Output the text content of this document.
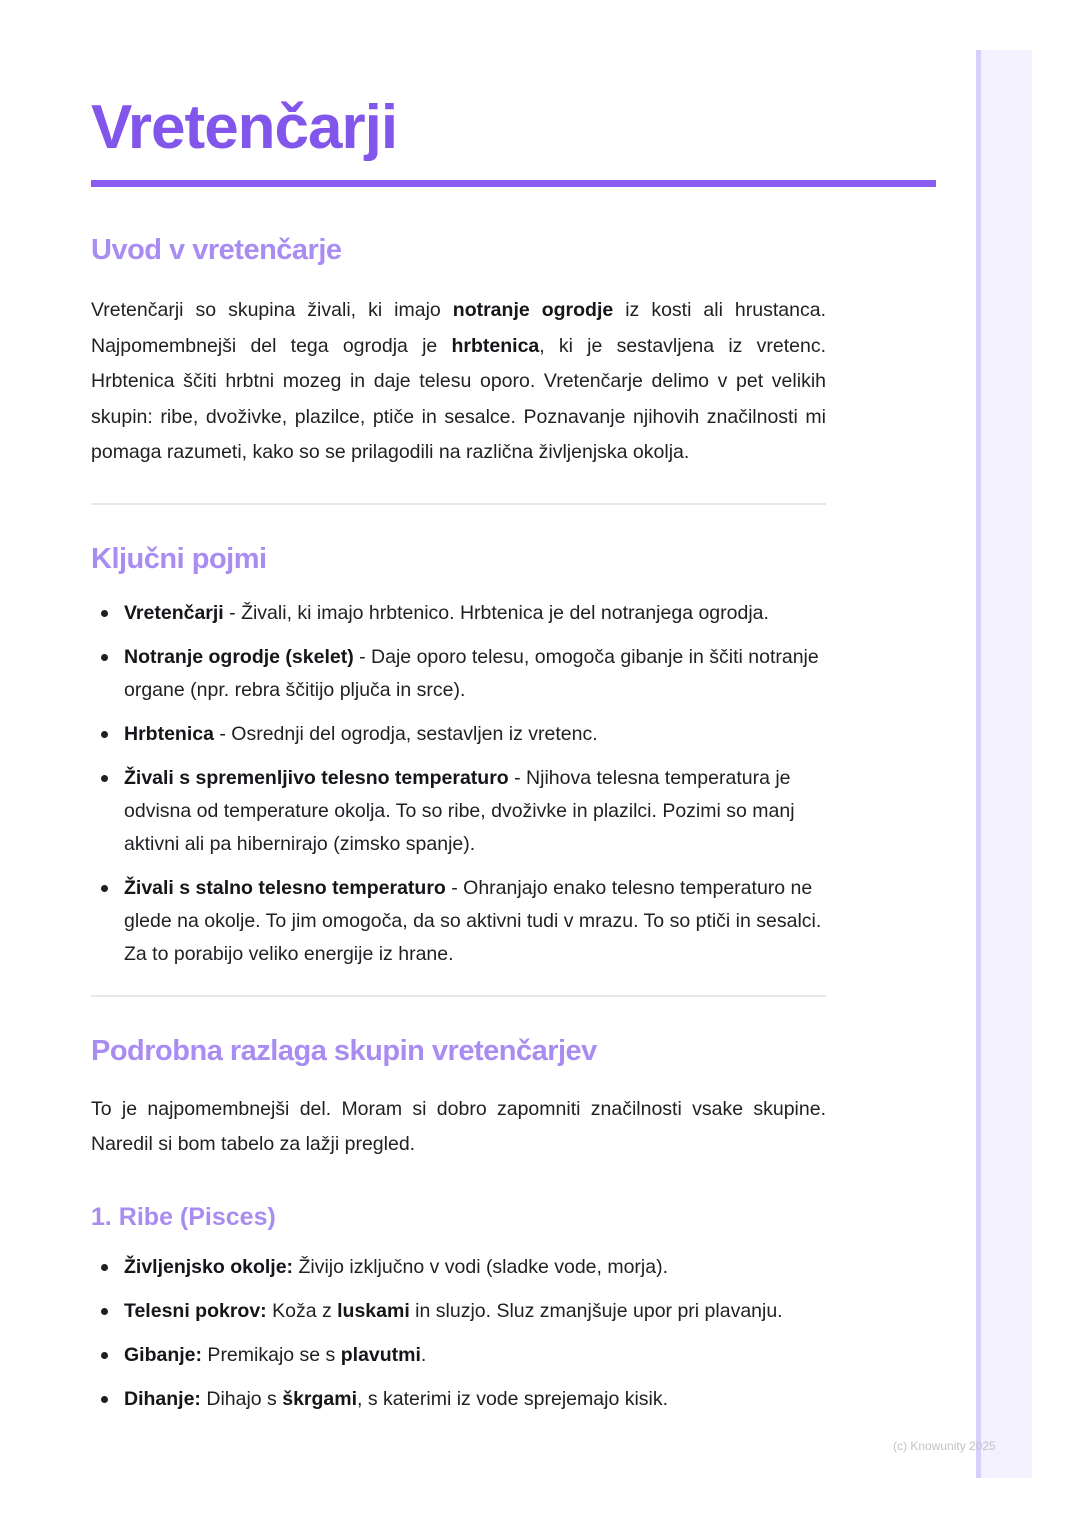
Vretenčarji
Uvod v vretenčarje

Vretenčarji so skupina živali, ki imajo notranje ogrodje iz kosti ali hrustanca. Najpomembnejši del tega ogrodja je hrbtenica, ki je sestavljena iz vretenc. Hrbtenica ščiti hrbtni mozeg in daje telesu oporo. Vretenčarje delimo v pet velikih skupin: ribe, dvoživke, plazilce, ptiče in sesalce. Poznavanje njihovih značilnosti mi pomaga razumeti, kako so se prilagodili na različna življenjska okolja.

Ključni pojmi
Vretenčarji - Živali, ki imajo hrbtenico. Hrbtenica je del notranjega ogrodja.
Notranje ogrodje (skelet) - Daje oporo telesu, omogoča gibanje in ščiti notranje organe (npr. rebra ščitijo pljuča in srce).
Hrbtenica - Osrednji del ogrodja, sestavljen iz vretenc.
Živali s spremenljivo telesno temperaturo - Njihova telesna temperatura je odvisna od temperature okolja. To so ribe, dvoživke in plazilci. Pozimi so manj aktivni ali pa hibernirajo (zimsko spanje).
Živali s stalno telesno temperaturo - Ohranjajo enako telesno temperaturo ne glede na okolje. To jim omogoča, da so aktivni tudi v mrazu. To so ptiči in sesalci. Za to porabijo veliko energije iz hrane.
Podrobna razlaga skupin vretenčarjev

To je najpomembnejši del. Moram si dobro zapomniti značilnosti vsake skupine. Naredil si bom tabelo za lažji pregled.

1. Ribe (Pisces)
Življenjsko okolje: Živijo izključno v vodi (sladke vode, morja).
Telesni pokrov: Koža z luskami in sluzjo. Sluz zmanjšuje upor pri plavanju.
Gibanje: Premikajo se s plavutmi.
Dihanje: Dihajo s škrgami, s katerimi iz vode sprejemajo kisik.
(c) Knowunity 2025
